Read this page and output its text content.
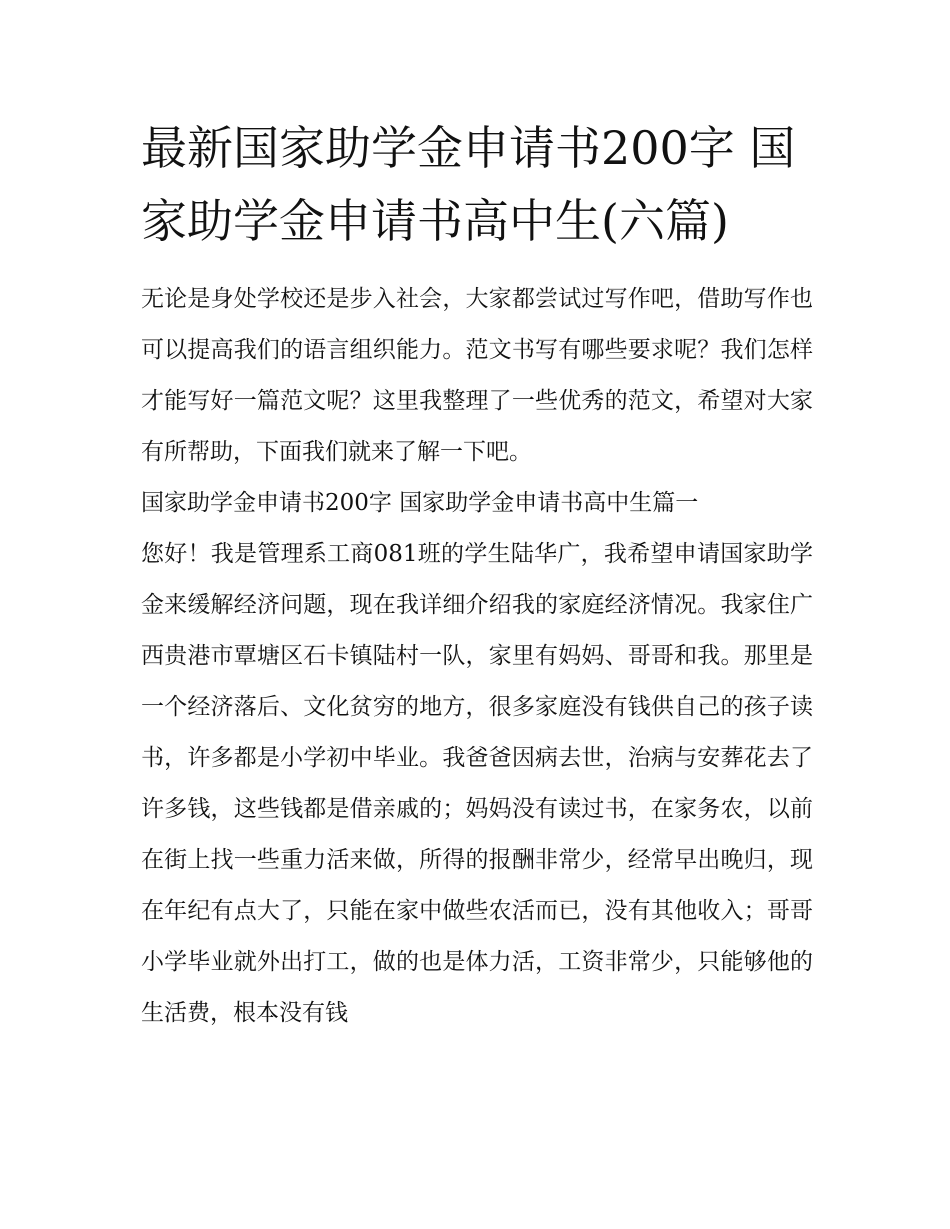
最新国家助学金申请书200字 国家助学金申请书高中生(六篇)

无论是身处学校还是步入社会，大家都尝试过写作吧，借助写作也可以提高我们的语言组织能力。范文书写有哪些要求呢？我们怎样才能写好一篇范文呢？这里我整理了一些优秀的范文，希望对大家有所帮助，下面我们就来了解一下吧。

国家助学金申请书200字 国家助学金申请书高中生篇一

您好！我是管理系工商081班的学生陆华广，我希望申请国家助学金来缓解经济问题，现在我详细介绍我的家庭经济情况。我家住广西贵港市覃塘区石卡镇陆村一队，家里有妈妈、哥哥和我。那里是一个经济落后、文化贫穷的地方，很多家庭没有钱供自己的孩子读书，许多都是小学初中毕业。我爸爸因病去世，治病与安葬花去了许多钱，这些钱都是借亲戚的；妈妈没有读过书，在家务农，以前在街上找一些重力活来做，所得的报酬非常少，经常早出晚归，现在年纪有点大了，只能在家中做些农活而已，没有其他收入；哥哥小学毕业就外出打工，做的也是体力活，工资非常少，只能够他的生活费，根本没有钱
